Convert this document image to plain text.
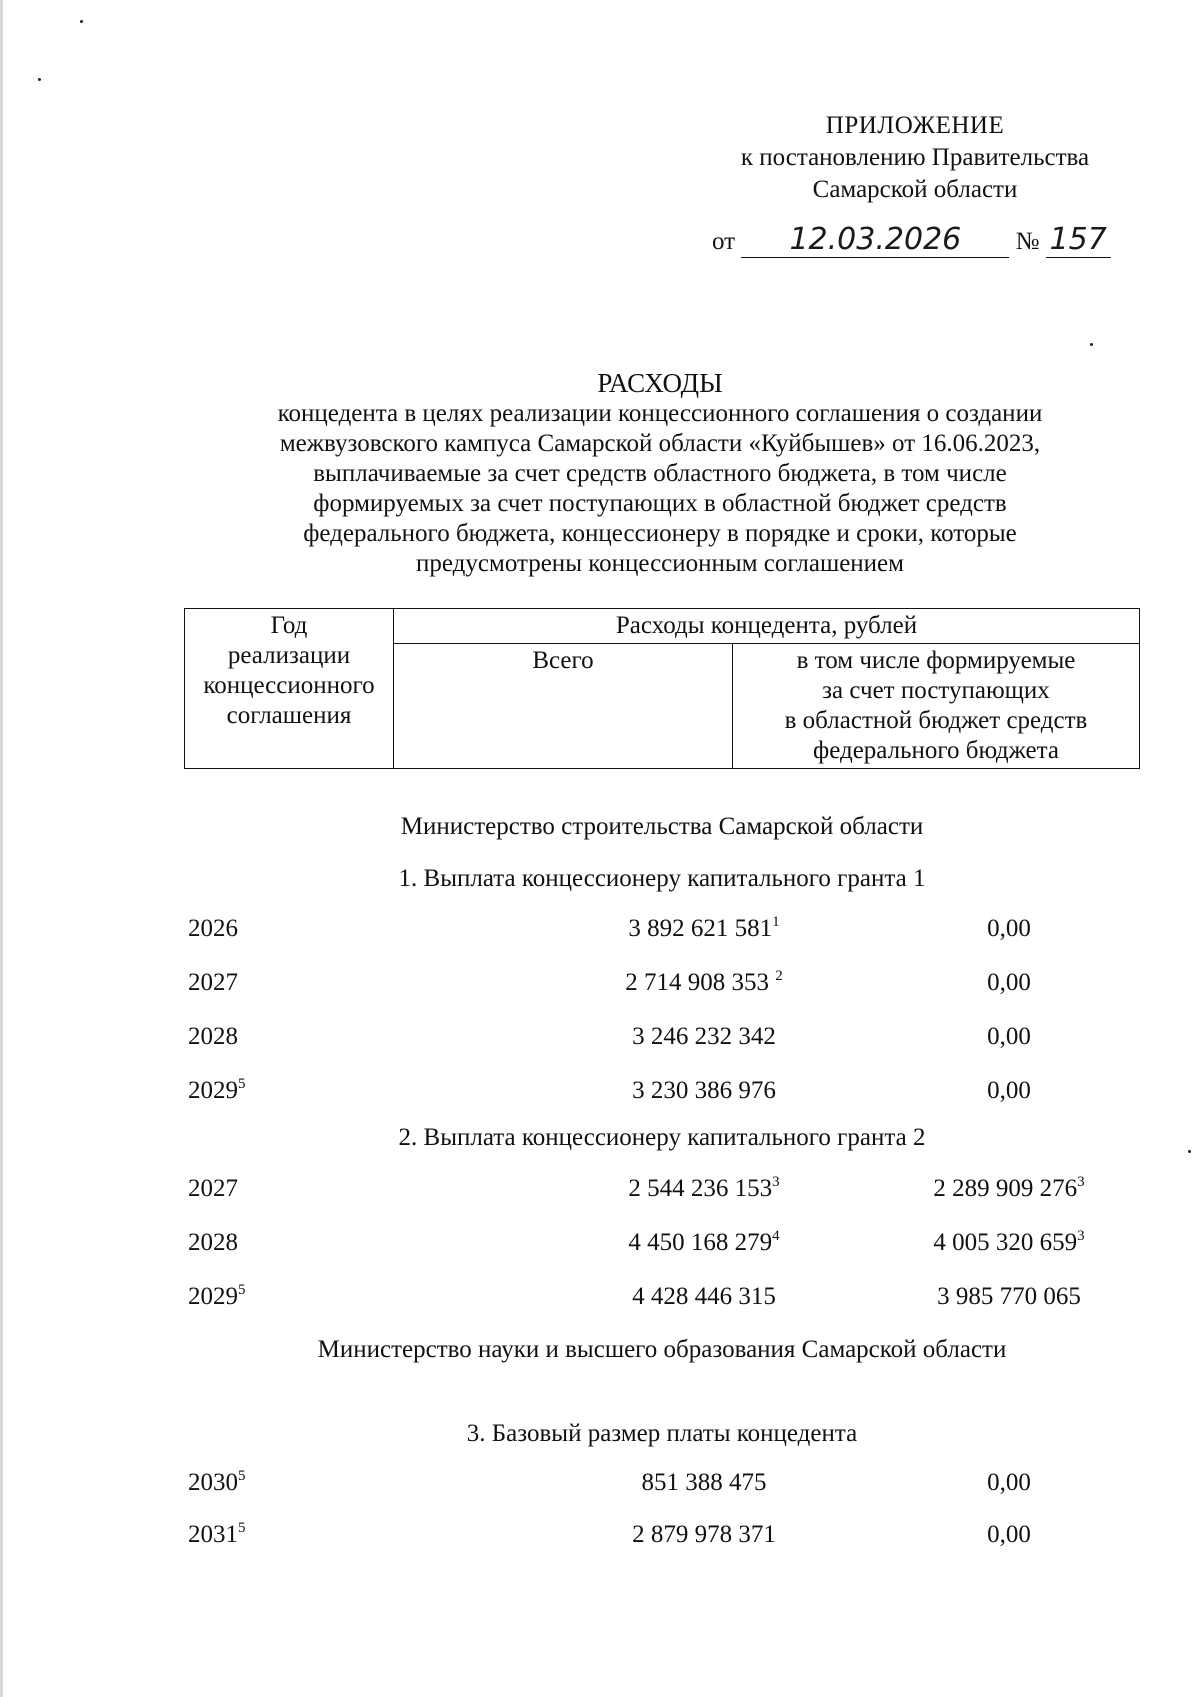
ПРИЛОЖЕНИЕ
к постановлению Правительства
Самарской области
от 12.03.2026 № 157
РАСХОДЫ

концедента в целях реализации концессионного соглашения о создании

межвузовского кампуса Самарской области «Куйбышев» от 16.06.2023,

выплачиваемые за счет средств областного бюджета, в том числе

формируемых за счет поступающих в областной бюджет средств

федерального бюджета, концессионеру в порядке и сроки, которые

предусмотрены концессионным соглашением

Год

реализации

концессионного

соглашения	Расходы концедента, рублей	
	Всего	в том числе формируемые

за счет поступающих

в областной бюджет средств

федерального бюджета

Министерство строительства Самарской области
1. Выплата концессионеру капитального гранта 1
2026	3 892 621 $581^1$	0,00
2027	2 714 908 353 $^2$	0,00
2028	3 246 232 342	0,00
2029$^5$	3 230 386 976	0,00
2. Выплата концессионеру капитального гранта 2
2027	2 544 236 $153^3$	2 289 909 $276^3$
2028	4 450 168 $279^4$	4 005 320 $659^3$
2029$^5$	4 428 446 315	3 985 770 065
Министерство науки и высшего образования Самарской области
3. Базовый размер платы концедента
2030$^5$	851 388 475	0,00
2031$^5$	2 879 978 371	0,00
